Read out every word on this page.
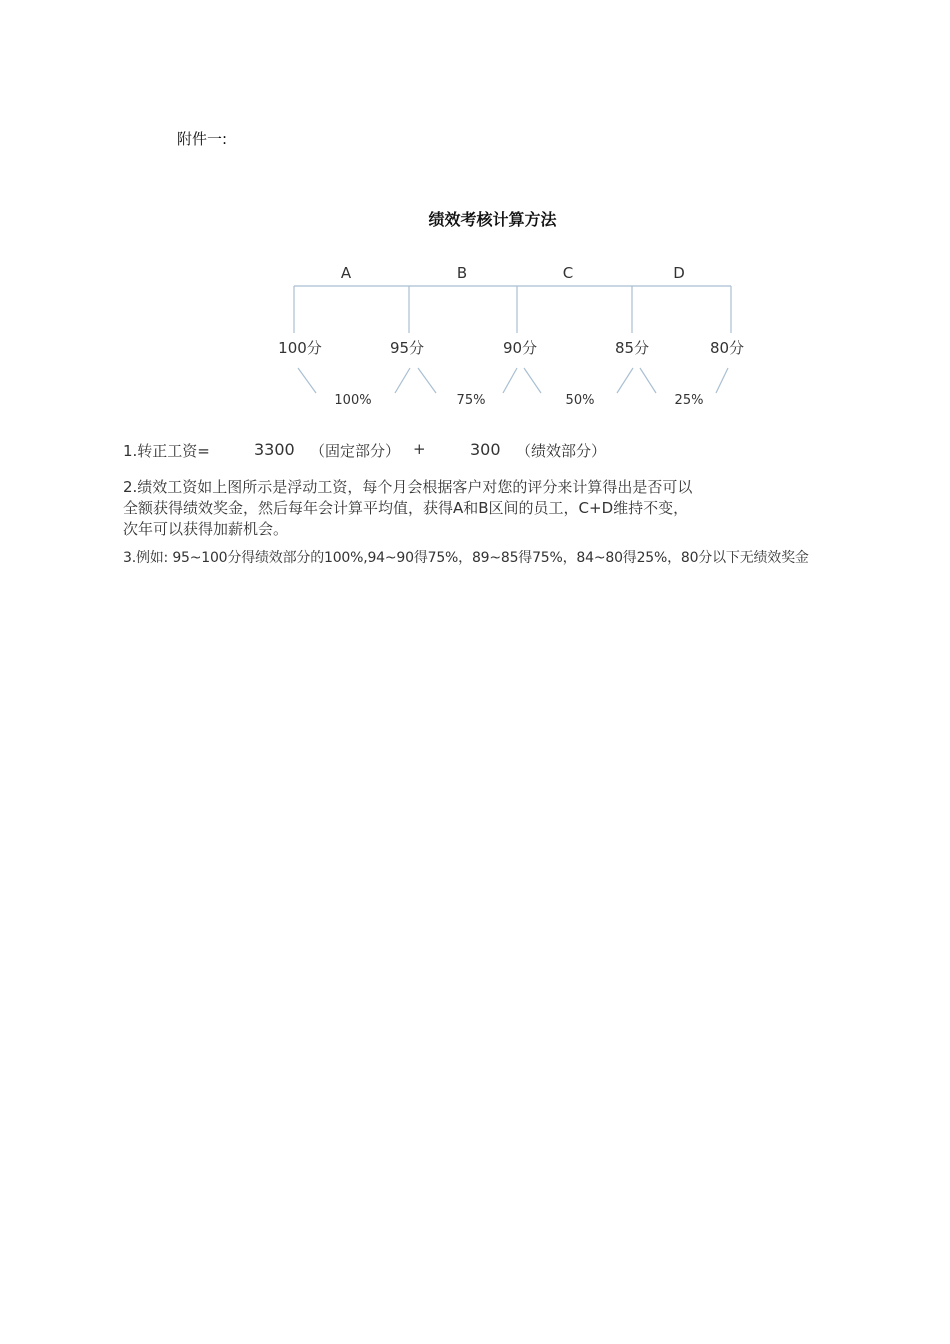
附件一:
绩效考核计算方法
A	B	C	D
100分	95分	90分	85分	80分
100%	75%	50%	25%
1.转正工资=	3300 （固定部分） +	300 （绩效部分）
2.绩效工资如上图所示是浮动工资，每个月会根据客户对您的评分来计算得出是否可以
全额获得绩效奖金，然后每年会计算平均值，获得A和B区间的员工，C+D维持不变，
次年可以获得加薪机会。
3.例如: 95~100分得绩效部分的100%,94~90得75%，89~85得75%，84~80得25%，80分以下无绩效奖金
